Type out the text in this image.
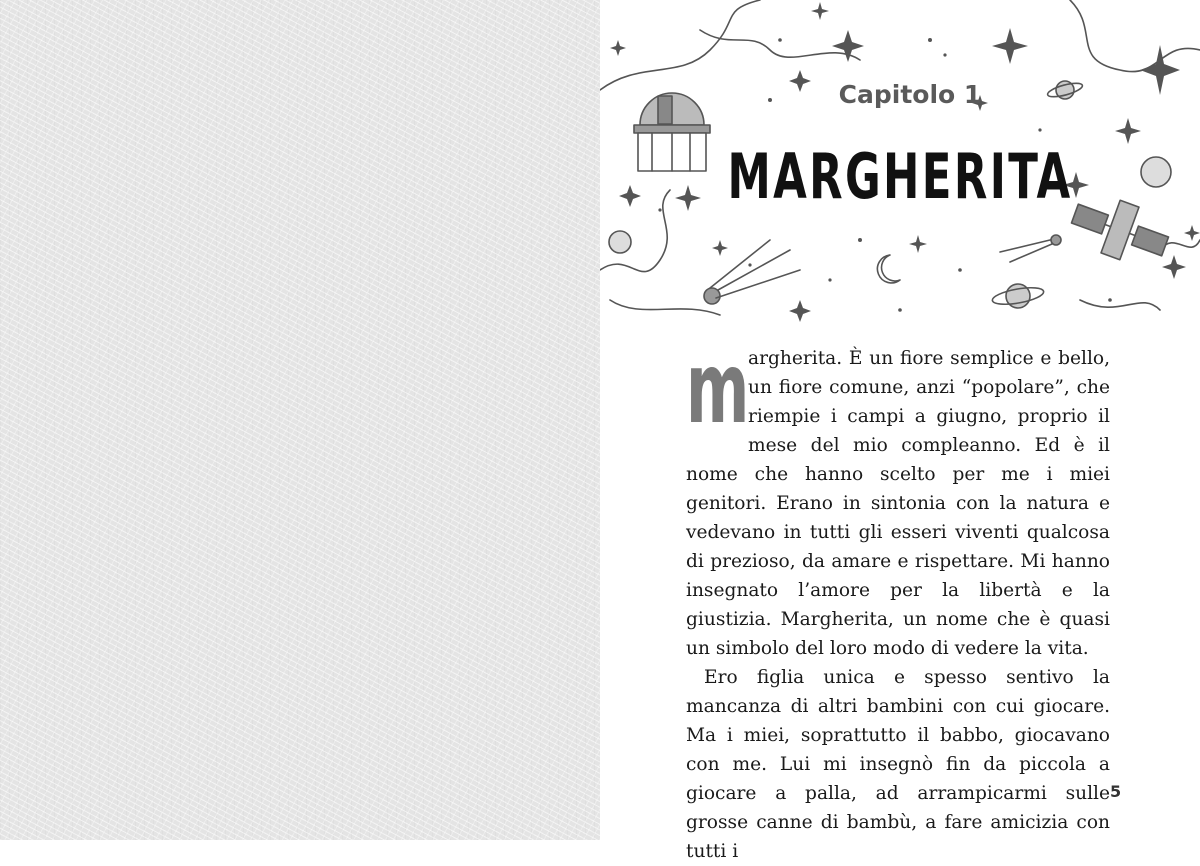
Capitolo 1
MARGHERITA

m
argherita. È un fiore semplice e bello, un fiore comune, anzi “popolare”, che riempie i campi a giugno, proprio il mese del mio compleanno. Ed è il nome che hanno scelto per me i miei genitori. Erano in sintonia con la natura e vedevano in tutti gli esseri viventi qualcosa di prezioso, da amare e rispettare. Mi hanno insegnato l’amore per la libertà e la giustizia. Margherita, un nome che è quasi un simbolo del loro modo di vedere la vita.

Ero figlia unica e spesso sentivo la mancanza di altri bambini con cui giocare. Ma i miei, soprattutto il babbo, giocavano con me. Lui mi insegnò fin da piccola a giocare a palla, ad arrampicarmi sulle grosse canne di bambù, a fare amicizia con tutti i

5
